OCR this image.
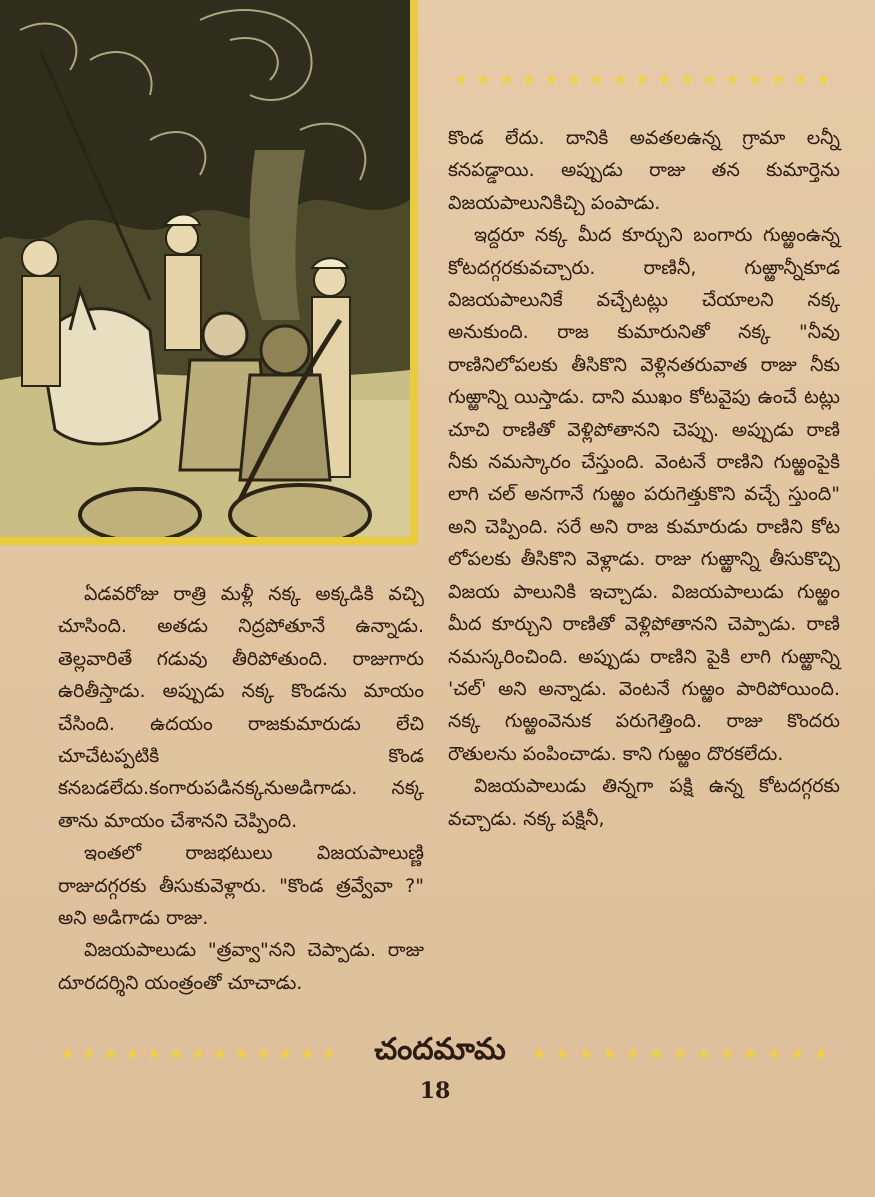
★ ★ ★ ★ ★ ★ ★ ★ ★ ★ ★ ★ ★ ★ ★ ★ ★

కొండ లేదు. దానికి అవతలఉన్న గ్రామా లన్నీ కనపడ్డాయి. అప్పుడు రాజు తన కుమార్తెను విజయపాలునికిచ్చి పంపాడు.

ఇద్దరూ నక్క మీద కూర్చుని బంగారు గుఱ్ఱంఉన్న కోటదగ్గరకువచ్చారు. రాణినీ, గుఱ్ఱాన్నీకూడ విజయపాలునికే వచ్చేటట్లు చేయాలని నక్క అనుకుంది. రాజ కుమారునితో నక్క "నీవు రాణినిలోపలకు తీసికొని వెళ్లినతరువాత రాజు నీకు గుఱ్ఱాన్ని యిస్తాడు. దాని ముఖం కోటవైపు ఉంచే టట్లు చూచి రాణితో వెళ్లిపోతానని చెప్పు. అప్పుడు రాణి నీకు నమస్కారం చేస్తుంది. వెంటనే రాణిని గుఱ్ఱంపైకి లాగి చల్ అనగానే గుఱ్ఱం పరుగెత్తుకొని వచ్చే స్తుంది" అని చెప్పింది. సరే అని రాజ కుమారుడు రాణిని కోట లోపలకు తీసికొని వెళ్లాడు. రాజు గుఱ్ఱాన్ని తీసుకొచ్చి విజయ పాలునికి ఇచ్చాడు. విజయపాలుడు గుఱ్ఱం మీద కూర్చుని రాణితో వెళ్లిపోతానని చెప్పాడు. రాణి నమస్కరించింది. అప్పుడు రాణిని పైకి లాగి గుఱ్ఱాన్ని 'చల్' అని అన్నాడు. వెంటనే గుఱ్ఱం పారిపోయింది. నక్క గుఱ్ఱంవెనుక పరుగెత్తింది. రాజు కొందరు రౌతులను పంపించాడు. కాని గుఱ్ఱం దొరకలేదు.

విజయపాలుడు తిన్నగా పక్షి ఉన్న కోటదగ్గరకు వచ్చాడు. నక్క పక్షినీ,

ఏడవరోజు రాత్రి మళ్లీ నక్క అక్కడికి వచ్చి చూసింది. అతడు నిద్రపోతూనే ఉన్నాడు. తెల్లవారితే గడువు తీరిపోతుంది. రాజుగారు ఉరితీస్తాడు. అప్పుడు నక్క కొండను మాయం చేసింది. ఉదయం రాజకుమారుడు లేచి చూచేటప్పటికి కొండ కనబడలేదు.కంగారుపడినక్కనుఅడిగాడు. నక్క తాను మాయం చేశానని చెప్పింది.

ఇంతలో రాజభటులు విజయపాలుణ్ణి రాజుదగ్గరకు తీసుకువెళ్లారు. "కొండ త్రవ్వేవా ?" అని అడిగాడు రాజు.

విజయపాలుడు "త్రవ్వా"నని చెప్పాడు. రాజు దూరదర్శిని యంత్రంతో చూచాడు.

★ ★ ★ ★ ★ ★ ★ ★ ★ ★ ★ ★ ★	చందమామ	★ ★ ★ ★ ★ ★ ★ ★ ★ ★ ★ ★ ★
18
